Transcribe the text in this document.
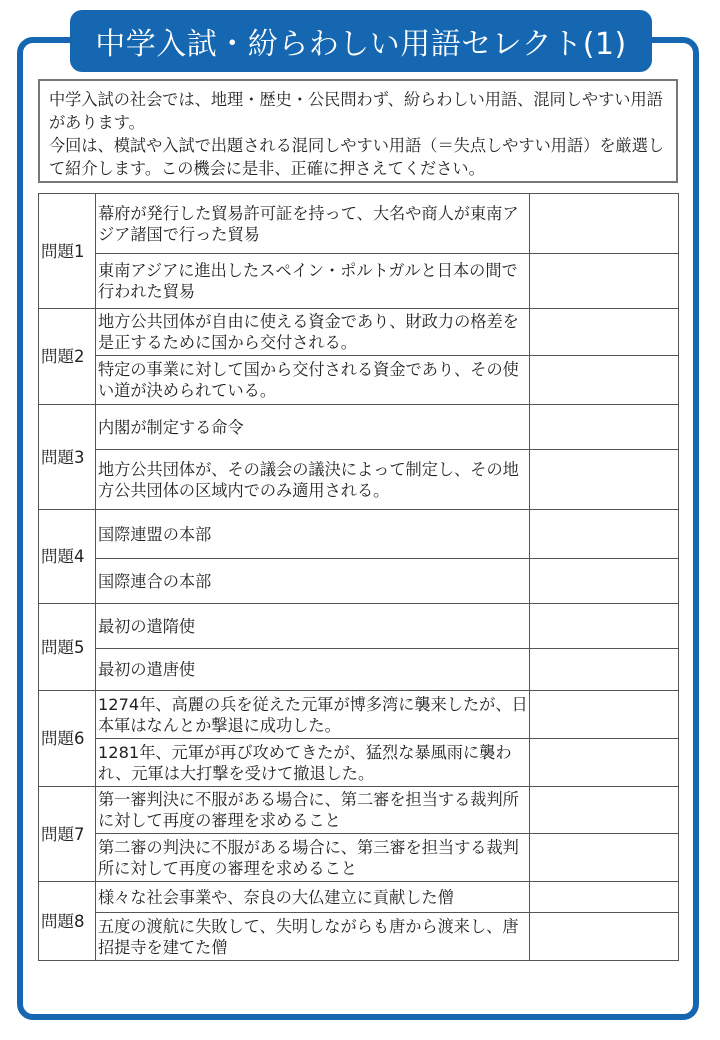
中学入試・紛らわしい用語セレクト(1)

中学入試の社会では、地理・歴史・公民問わず、紛らわしい用語、混同しやすい用語があります。

今回は、模試や入試で出題される混同しやすい用語（＝失点しやすい用語）を厳選して紹介します。この機会に是非、正確に押さえてください。

問題1	幕府が発行した貿易許可証を持って、大名や商人が東南アジア諸国で行った貿易	
	東南アジアに進出したスペイン・ポルトガルと日本の間で行われた貿易	
問題2	地方公共団体が自由に使える資金であり、財政力の格差を是正するために国から交付される。	
	特定の事業に対して国から交付される資金であり、その使い道が決められている。	
問題3	内閣が制定する命令	
	地方公共団体が、その議会の議決によって制定し、その地方公共団体の区域内でのみ適用される。	
問題4	国際連盟の本部	
	国際連合の本部	
問題5	最初の遣隋使	
	最初の遣唐使	
問題6	1274年、高麗の兵を従えた元軍が博多湾に襲来したが、日本軍はなんとか撃退に成功した。	
	1281年、元軍が再び攻めてきたが、猛烈な暴風雨に襲われ、元軍は大打撃を受けて撤退した。	
問題7	第一審判決に不服がある場合に、第二審を担当する裁判所に対して再度の審理を求めること	
	第二審の判決に不服がある場合に、第三審を担当する裁判所に対して再度の審理を求めること	
問題8	様々な社会事業や、奈良の大仏建立に貢献した僧	
	五度の渡航に失敗して、失明しながらも唐から渡来し、唐招提寺を建てた僧	
